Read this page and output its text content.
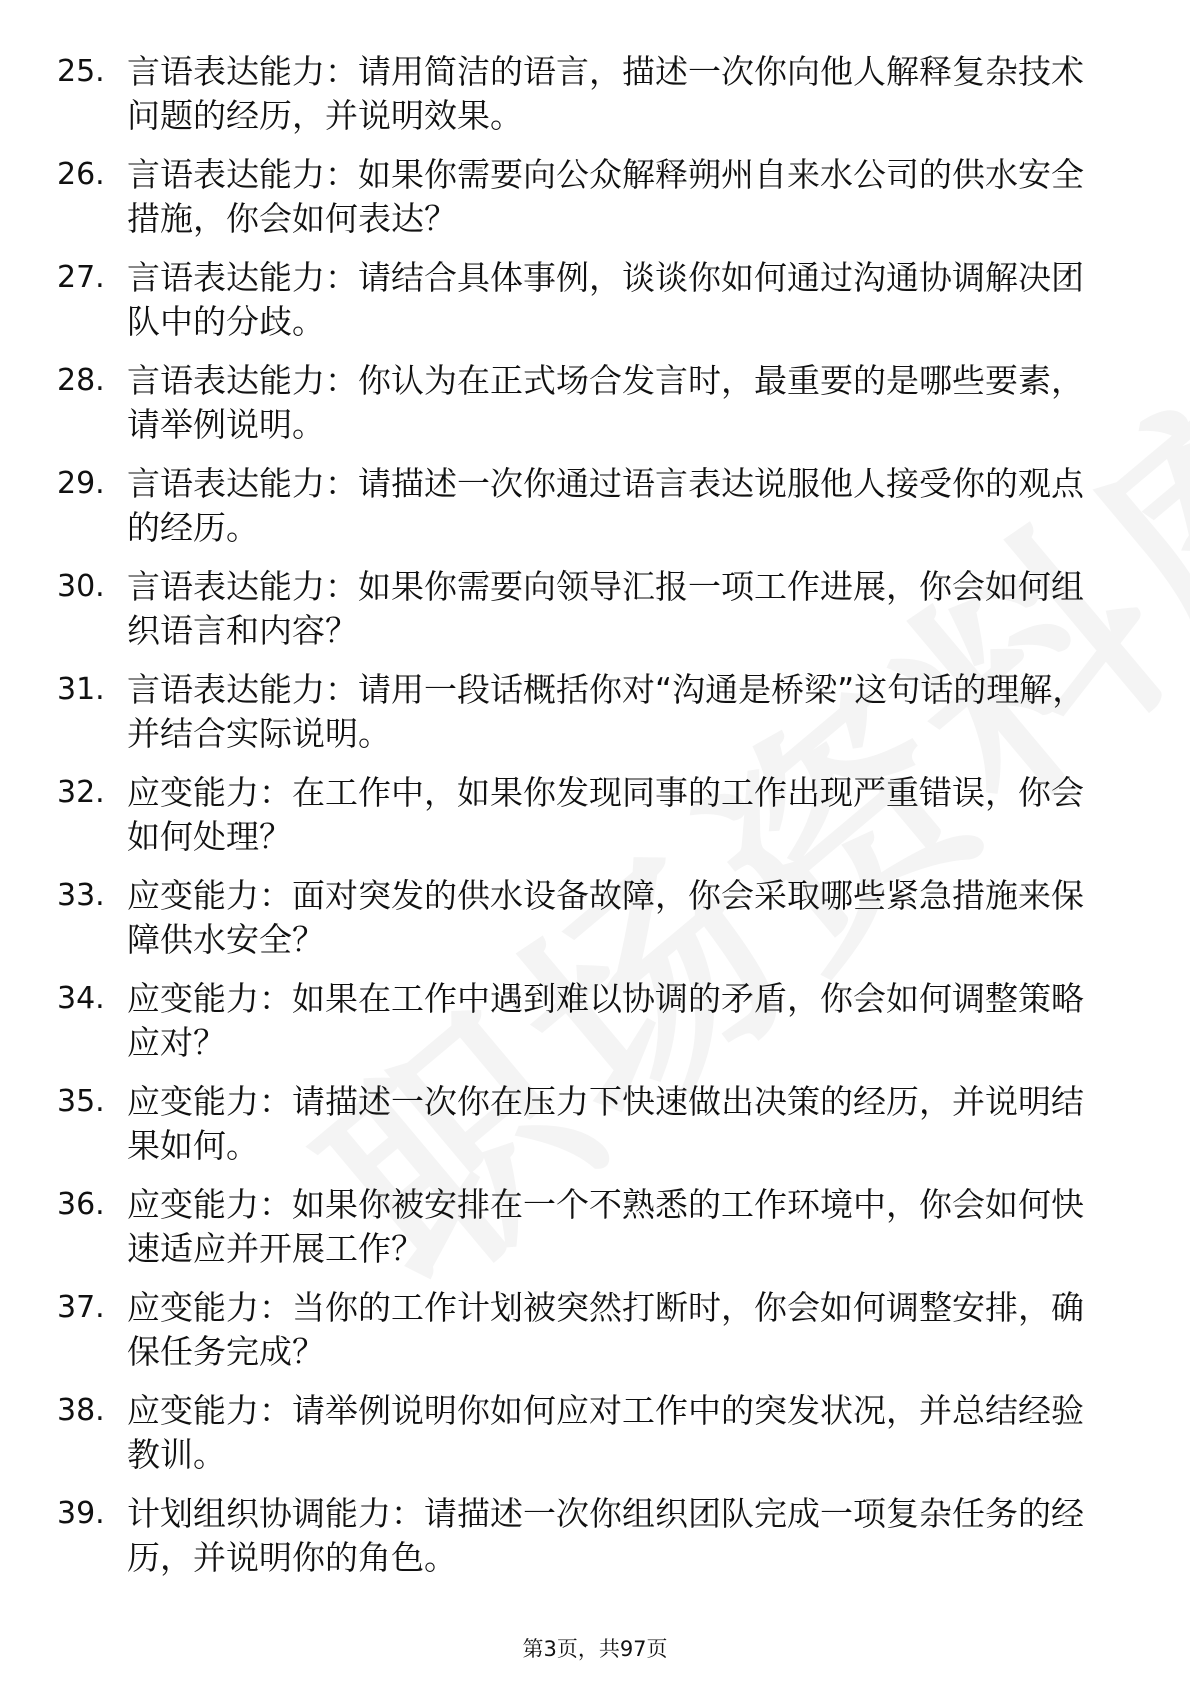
25. 言语表达能力：请用简洁的语言，描述一次你向他人解释复杂技术问题的经历，并说明效果。
26. 言语表达能力：如果你需要向公众解释朔州自来水公司的供水安全措施，你会如何表达？
27. 言语表达能力：请结合具体事例，谈谈你如何通过沟通协调解决团队中的分歧。
28. 言语表达能力：你认为在正式场合发言时，最重要的是哪些要素，请举例说明。
29. 言语表达能力：请描述一次你通过语言表达说服他人接受你的观点的经历。
30. 言语表达能力：如果你需要向领导汇报一项工作进展，你会如何组织语言和内容？
31. 言语表达能力：请用一段话概括你对“沟通是桥梁”这句话的理解，并结合实际说明。
32. 应变能力：在工作中，如果你发现同事的工作出现严重错误，你会如何处理？
33. 应变能力：面对突发的供水设备故障，你会采取哪些紧急措施来保障供水安全？
34. 应变能力：如果在工作中遇到难以协调的矛盾，你会如何调整策略应对？
35. 应变能力：请描述一次你在压力下快速做出决策的经历，并说明结果如何。
36. 应变能力：如果你被安排在一个不熟悉的工作环境中，你会如何快速适应并开展工作？
37. 应变能力：当你的工作计划被突然打断时，你会如何调整安排，确保任务完成？
38. 应变能力：请举例说明你如何应对工作中的突发状况，并总结经验教训。
39. 计划组织协调能力：请描述一次你组织团队完成一项复杂任务的经历，并说明你的角色。
第3页，共97页
